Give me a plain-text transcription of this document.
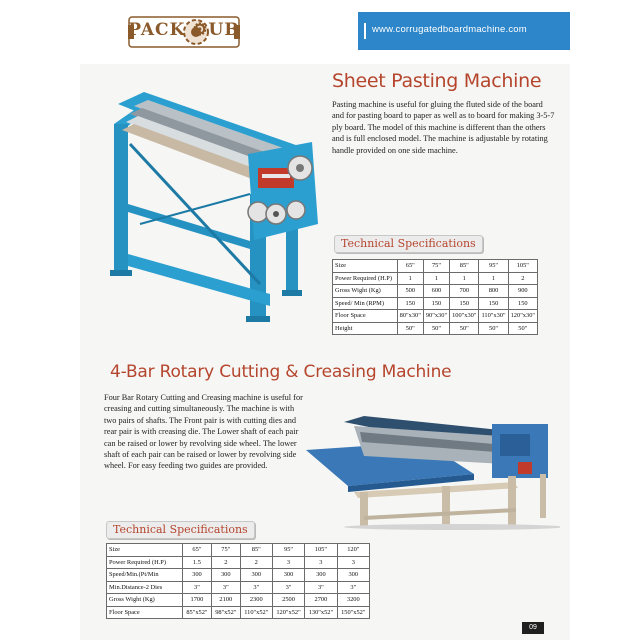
PACK ⚙UB	www.corrugatedboardmachine.com
Sheet Pasting Machine
Pasting machine is useful for gluing the fluted side of the board and for pasting board to paper as well as to board for making 3-5-7 ply board. The model of this machine is different than the others and is full enclosed model. The machine is adjustable by rotating handle provided on one side machine.
Technical Specifications
Size	65"	75"	85"	95"	105"
Power Required (H.P)	1	1	1	1	2
Gross Wight (Kg)	500	600	700	800	900
Speed/ Min (RPM)	150	150	150	150	150
Floor Space	80"x30"	90"x30"	100"x30"	110"x30"	120"x30"
Height	50"	50"	50"	50"	50"
4-Bar Rotary Cutting & Creasing Machine
Four Bar Rotary Cutting and Creasing machine is useful for creasing and cutting simultaneously. The machine is with two pairs of shafts. The Front pair is with cutting dies and rear pair is with creasing die. The Lower shaft of each pair can be raised or lower by revolving side wheel. The lower shaft of each pair can be raised or lower by revolving side wheel. For easy feeding two guides are provided.
Technical Specifications
Size	65"	75"	85"	95"	105"	120"
Power Required (H.P)	1.5	2	2	3	3	3
Speed/Min.(Pt/Min	300	300	300	300	300	300
Min.Distance-2 Dies	3"	3"	3"	3"	3"	3"
Gross Wight (Kg)	1700	2100	2300	2500	2700	3200
Floor Space	85"x52"	98"x52"	110"x52"	120"x52"	130"x52"	150"x52"
09
